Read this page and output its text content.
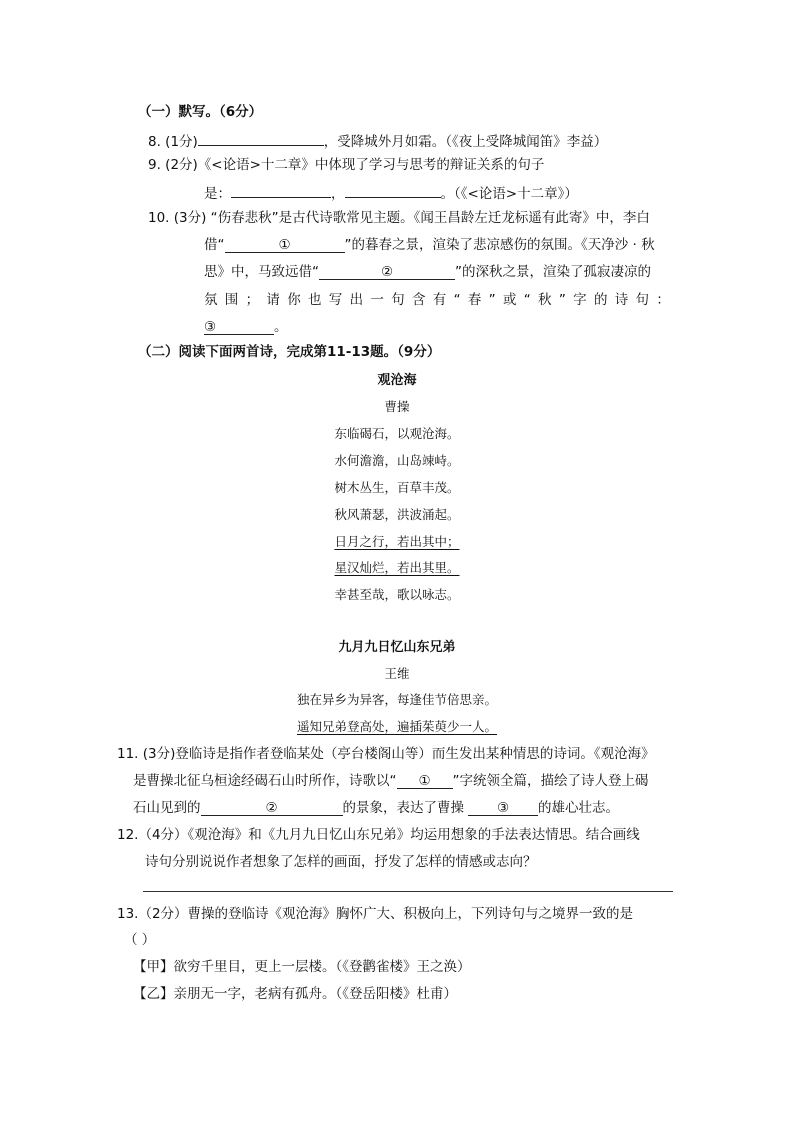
（一）默写。（6分）
8. (1分)	，受降城外月如霜。（《夜上受降城闻笛》李益）
9. (2分)《<论语>十二章》中体现了学习与思考的辩证关系的句子
是：	，	。（《<论语>十二章》）
10. (3分) “伤春悲秋”是古代诗歌常见主题。《闻王昌龄左迁龙标遥有此寄》中，李白
借“	①	”的暮春之景，渲染了悲凉感伤的氛围。《天净沙 · 秋
思》中，马致远借“	②	”的深秋之景，渲染了孤寂凄凉的
氛 围 ； 请 你 也 写 出 一 句 含 有 “ 春 ” 或 “ 秋 ” 字 的 诗 句 ：
③	。
（二）阅读下面两首诗，完成第11-13题。（9分）
观沧海
曹操
东临碣石，以观沧海。
水何澹澹，山岛竦峙。
树木丛生，百草丰茂。
秋风萧瑟，洪波涌起。
日月之行，若出其中；
星汉灿烂，若出其里。
幸甚至哉，歌以咏志。
九月九日忆山东兄弟
王维
独在异乡为异客，每逢佳节倍思亲。
遥知兄弟登高处，遍插茱萸少一人。
11. (3分)登临诗是指作者登临某处（亭台楼阁山等）而生发出某种情思的诗词。《观沧海》
是曹操北征乌桓途经碣石山时所作，诗歌以“ ① ”字统领全篇，描绘了诗人登上碣
石山见到的	②	的景象，表达了曹操 ③ 的雄心壮志。
12.（4分）《观沧海》和《九月九日忆山东兄弟》均运用想象的手法表达情思。结合画线
诗句分别说说作者想象了怎样的画面，抒发了怎样的情感或志向？
13.（2分）曹操的登临诗《观沧海》胸怀广大、积极向上，下列诗句与之境界一致的是
（ ）
【甲】欲穷千里目，更上一层楼。（《登鹳雀楼》王之涣）
【乙】亲朋无一字，老病有孤舟。（《登岳阳楼》杜甫）
